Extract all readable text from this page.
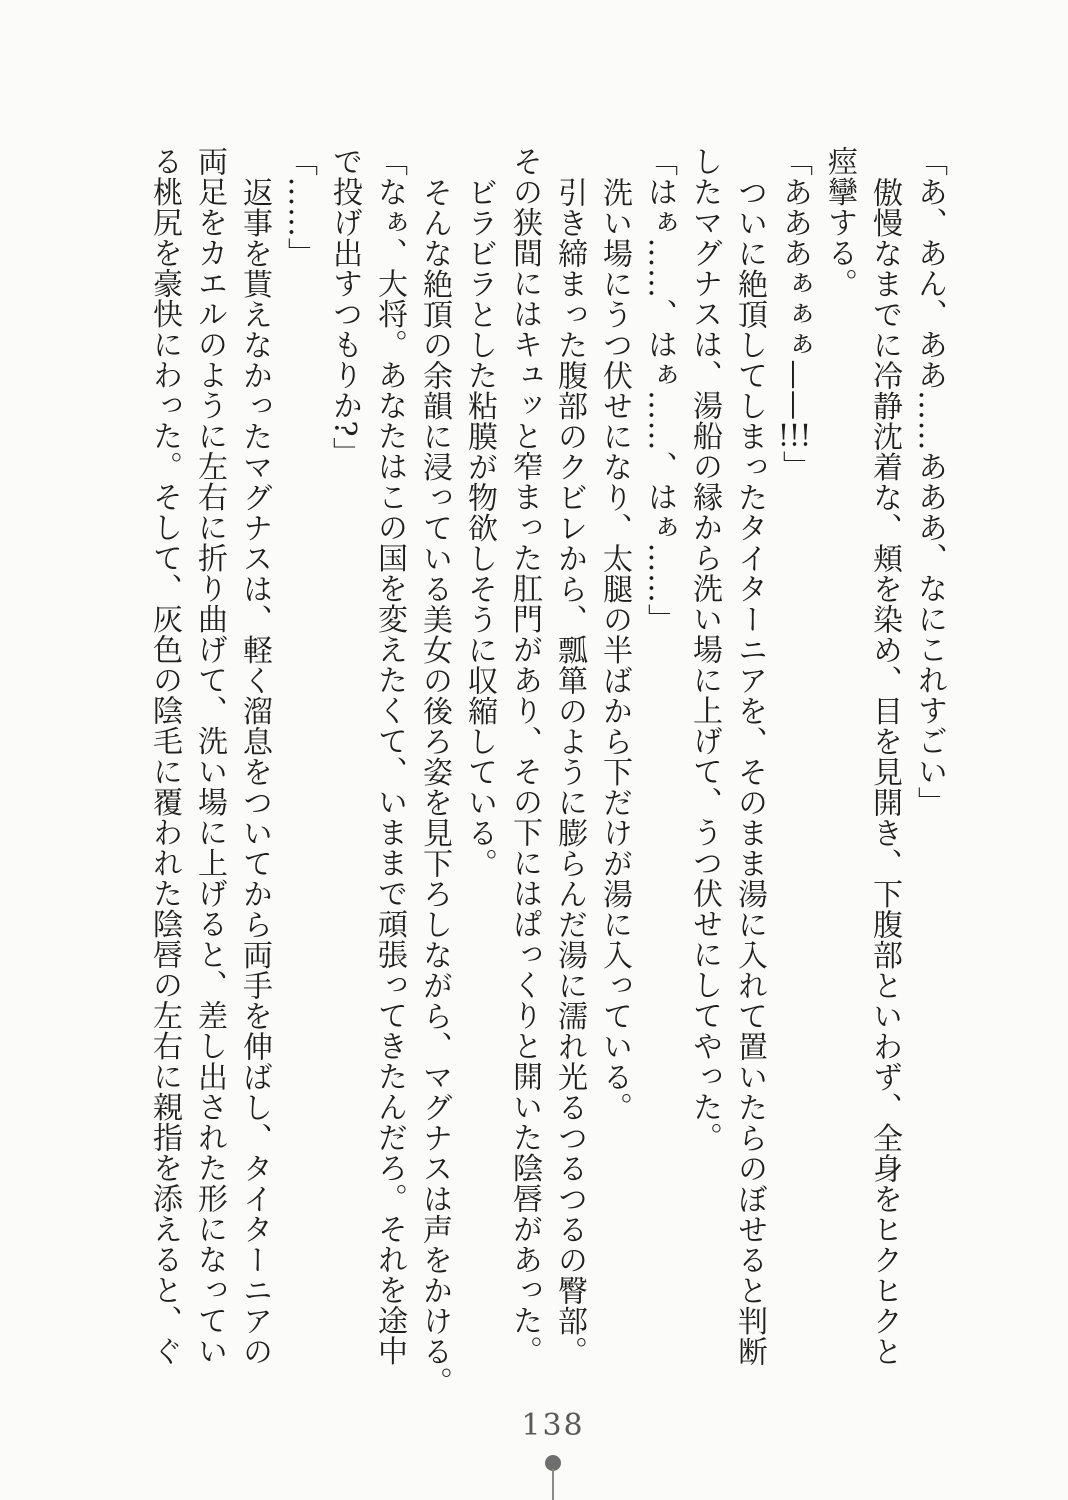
「あ、あん、ああ……あああ、なにこれすごい」
傲慢なまでに冷静沈着な、頬を染め、目を見開き、下腹部といわず、全身をヒクヒクと
痙攣する。
「あああぁぁぁ——!!!」
ついに絶頂してしまったタイターニアを、そのまま湯に入れて置いたらのぼせると判断
したマグナスは、湯船の縁から洗い場に上げて、うつ伏せにしてやった。
「はぁ……、はぁ……、はぁ……」
洗い場にうつ伏せになり、太腿の半ばから下だけが湯に入っている。
引き締まった腹部のクビレから、瓢箪のように膨らんだ湯に濡れ光るつるつるの臀部。
その狭間にはキュッと窄まった肛門があり、その下にはぱっくりと開いた陰唇があった。
ビラビラとした粘膜が物欲しそうに収縮している。
そんな絶頂の余韻に浸っている美女の後ろ姿を見下ろしながら、マグナスは声をかける。
「なぁ、大将。あなたはこの国を変えたくて、いままで頑張ってきたんだろ。それを途中
で投げ出すつもりか?」
「……」
返事を貰えなかったマグナスは、軽く溜息をついてから両手を伸ばし、タイターニアの
両足をカエルのように左右に折り曲げて、洗い場に上げると、差し出された形になってい
る桃尻を豪快にわった。そして、灰色の陰毛に覆われた陰唇の左右に親指を添えると、ぐ
138
